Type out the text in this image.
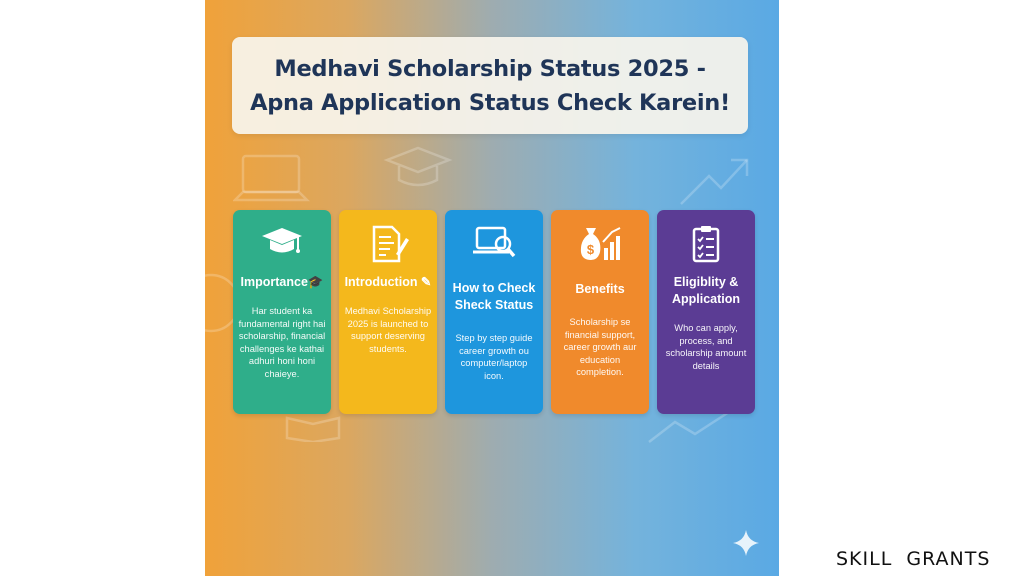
Medhavi Scholarship Status 2025 -
Apna Application Status Check Karein!
Importance🎓
Har student ka fundamental right hai scholarship, financial challenges ke kathai adhuri honi honi chaieye.
Introduction ✎
Medhavi Scholarship 2025 is launched to support deserving students.
How to Check Sheck Status
Step by step guide career growth ou computer/laptop icon.
$
Benefits
Scholarship se financial support, career growth aur education completion.
Eligiblity & Application
Who can apply, process, and scholarship amount details
SKILL  GRANTS
